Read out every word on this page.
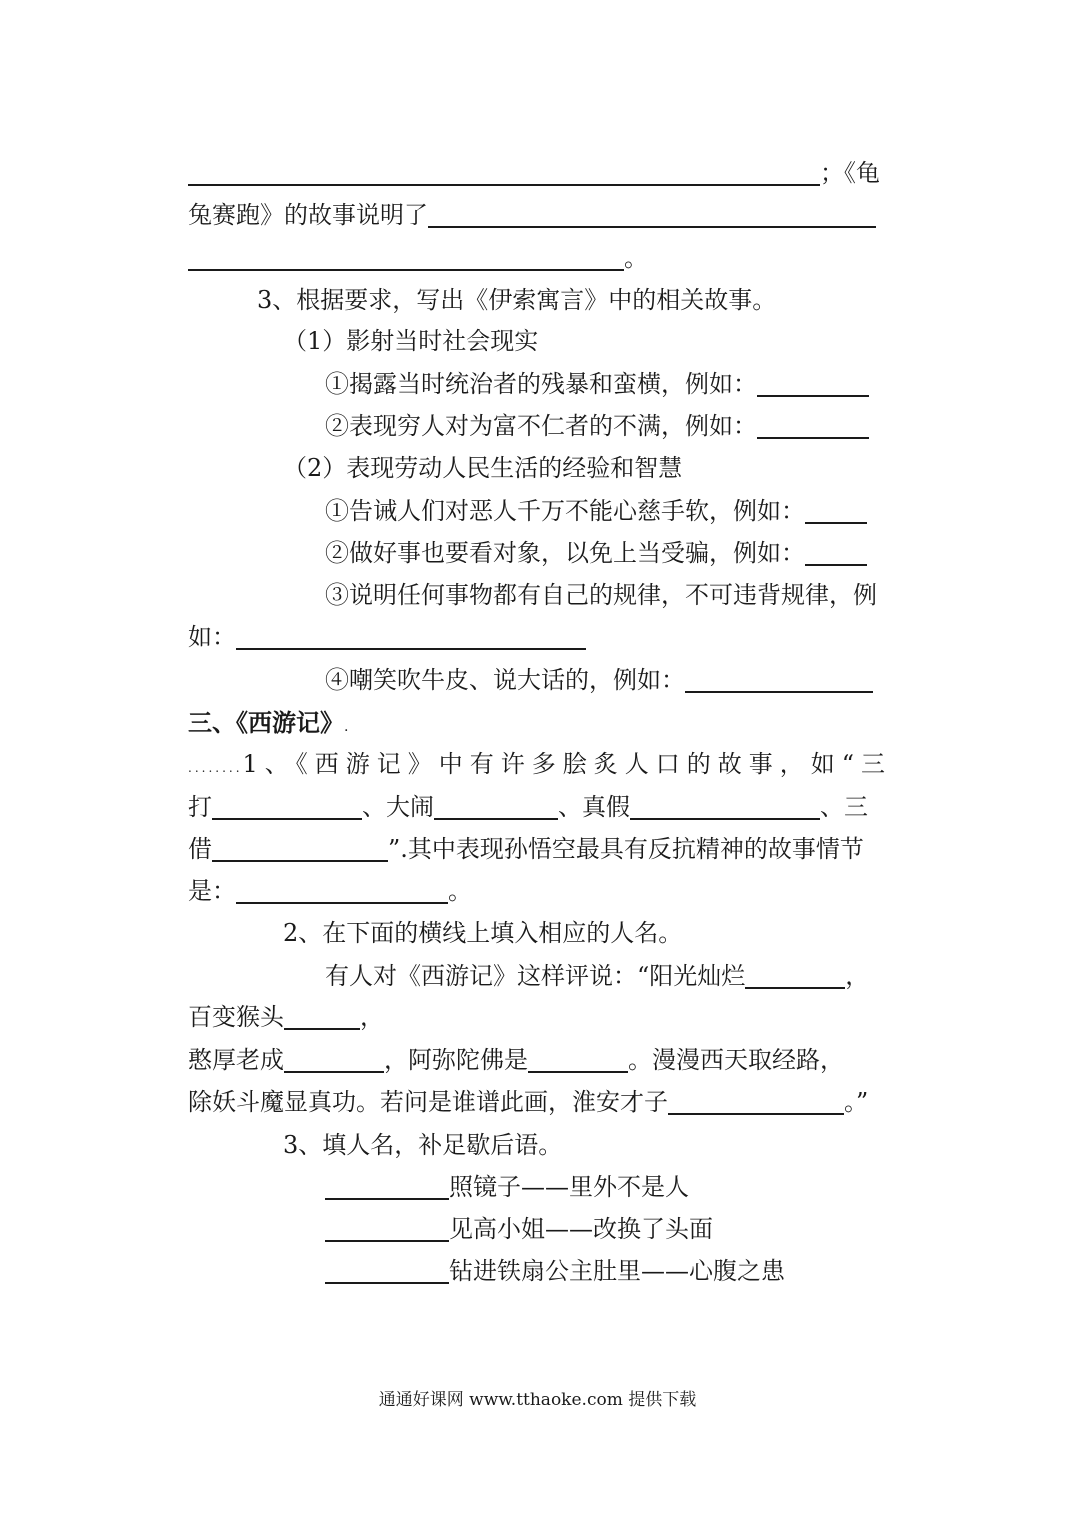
；《龟
兔赛跑》的故事说明了
。
3、根据要求，写出《伊索寓言》中的相关故事。
（1）影射当时社会现实
①揭露当时统治者的残暴和蛮横，例如：
②表现穷人对为富不仁者的不满，例如：
（2）表现劳动人民生活的经验和智慧
①告诫人们对恶人千万不能心慈手软，例如：
②做好事也要看对象，以免上当受骗，例如：
③说明任何事物都有自己的规律，不可违背规律，例
如：
④嘲笑吹牛皮、说大话的，例如：
三、《西游记》.
........1、《西游记》中有许多脍炙人口的故事，如“三
打	、大闹	、真假	、三
借	”.其中表现孙悟空最具有反抗精神的故事情节
是：	。
2、在下面的横线上填入相应的人名。
有人对《西游记》这样评说：“阳光灿烂	，
百变猴头	，
憨厚老成	，阿弥陀佛是	。漫漫西天取经路，
除妖斗魔显真功。若问是谁谱此画，淮安才子	。”
3、填人名，补足歇后语。
照镜子——里外不是人
见高小姐——改换了头面
钻进铁扇公主肚里——心腹之患
通通好课网 www.tthaoke.com 提供下载
